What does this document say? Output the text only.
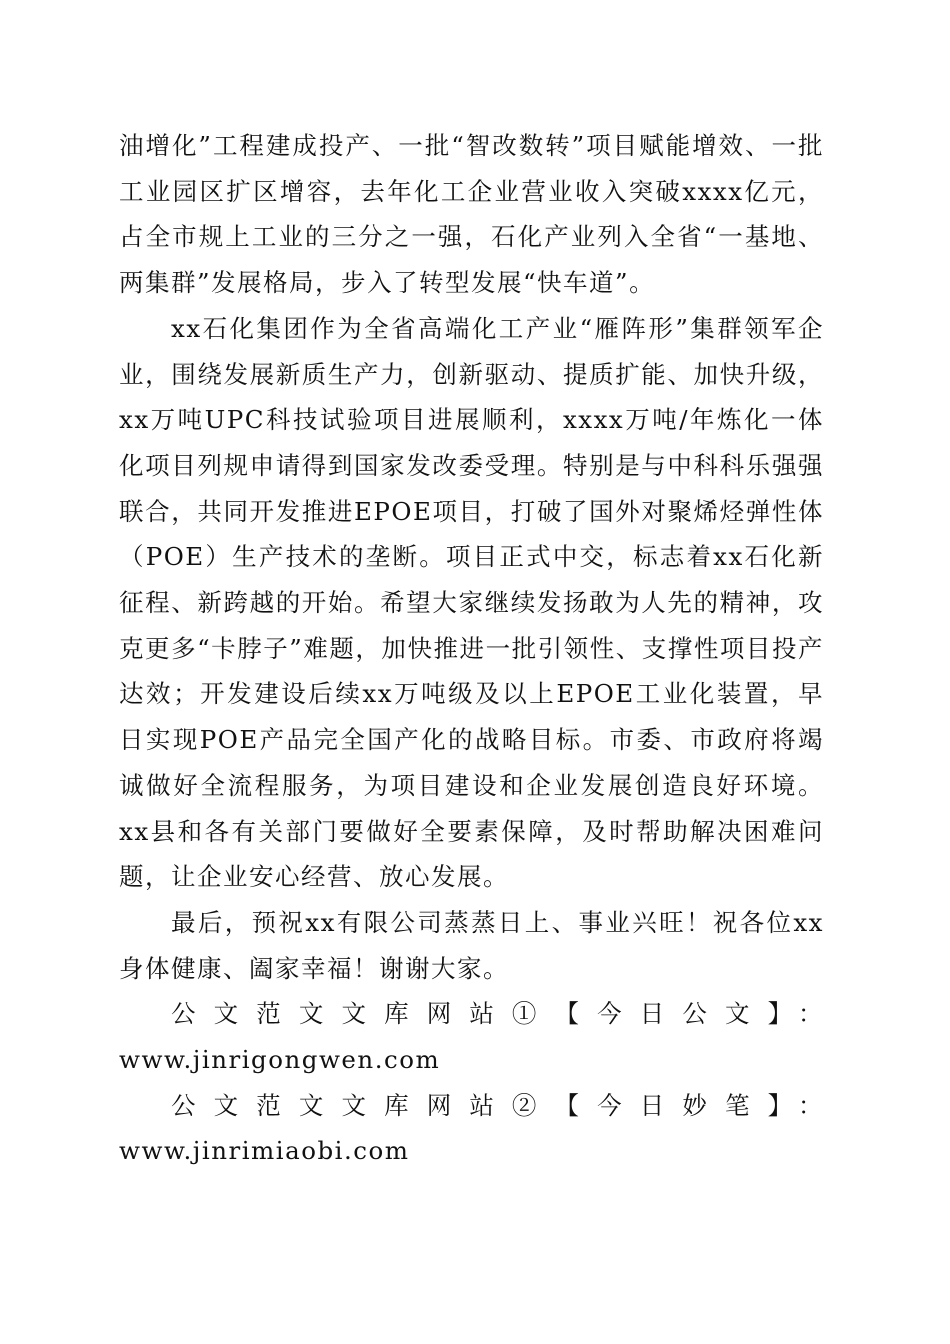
油增化”工程建成投产、一批“智改数转”项目赋能增效、一批工业园区扩区增容，去年化工企业营业收入突破xxxx亿元，占全市规上工业的三分之一强，石化产业列入全省“一基地、两集群”发展格局，步入了转型发展“快车道”。

xx石化集团作为全省高端化工产业“雁阵形”集群领军企业，围绕发展新质生产力，创新驱动、提质扩能、加快升级，xx万吨UPC科技试验项目进展顺利，xxxx万吨/年炼化一体化项目列规申请得到国家发改委受理。特别是与中科科乐强强联合，共同开发推进EPOE项目，打破了国外对聚烯烃弹性体（POE）生产技术的垄断。项目正式中交，标志着xx石化新征程、新跨越的开始。希望大家继续发扬敢为人先的精神，攻克更多“卡脖子”难题，加快推进一批引领性、支撑性项目投产达效；开发建设后续xx万吨级及以上EPOE工业化装置，早日实现POE产品完全国产化的战略目标。市委、市政府将竭诚做好全流程服务，为项目建设和企业发展创造良好环境。xx县和各有关部门要做好全要素保障，及时帮助解决困难问题，让企业安心经营、放心发展。

最后，预祝xx有限公司蒸蒸日上、事业兴旺！祝各位xx身体健康、阖家幸福！谢谢大家。

公文范文文库网站①【今日公文】：www.jinrigongwen.com

公文范文文库网站②【今日妙笔】：www.jinrimiaobi.com
